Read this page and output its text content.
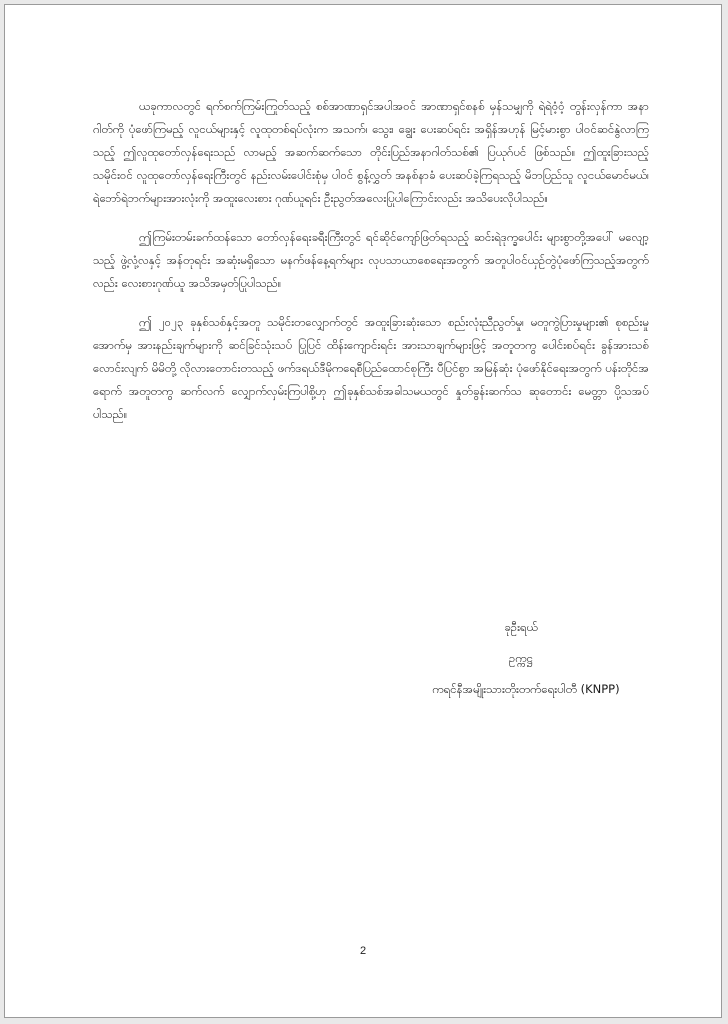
ယခုကာလတွင် ရက်စက်ကြမ်းကြုတ်သည့် စစ်အာဏာရှင်အပါအဝင် အာဏာရှင်စနစ် မှန်သမျှကို ရဲရဲဝံ့ဝံ့ တွန်းလှန်ကာ အနာဂါတ်ကို ပုံဖော်ကြမည့် လူငယ်များနှင့် လူထုတစ်ရပ်လုံးက အသက်၊ သွေး၊ ချွေး ပေးဆပ်ရင်း အရှိန်အဟုန် မြင့်မားစွာ ပါဝင်ဆင်နွဲလာကြသည့် ဤလူထုတော်လှန်ရေးသည် လာမည့် အဆက်ဆက်သော တိုင်းပြည်အနာဂါတ်သစ်၏ ပြယုဂ်ပင် ဖြစ်သည်။ ဤထူးခြားသည့် သမိုင်းဝင် လူထုတော်လှန်ရေးကြီးတွင် နည်းလမ်းပေါင်းစုံမှ ပါဝင် စွန့်လွှတ် အနစ်နာခံ ပေးဆပ်ခဲ့ကြရသည့် မိဘပြည်သူ လူငယ်မောင်မယ်၊ ရဲဘော်ရဲဘက်များအားလုံးကို အထူးလေးစား ဂုဏ်ယူရင်း ဦးညွတ်အလေးပြုပါကြောင်းလည်း အသိပေးလိုပါသည်။

ဤကြမ်းတမ်းခက်ထန်သော တော်လှန်ရေးခရီးကြီးတွင် ရင်ဆိုင်ကျော်ဖြတ်ရသည့် ဆင်းရဲဒုက္ခပေါင်း များစွာတို့အပေါ် မလျော့သည့် ဖွဲ့လုံ့လနှင့် အန်တုရင်း အဆုံးမရှိသော မနက်ဖန်နေ့ရက်များ လုပသာယာစေရေးအတွက် အတူပါဝင်ယှဉ်တွဲပုံဖော်ကြသည့်အတွက်လည်း လေးစားဂုဏ်ယူ အသိအမှတ်ပြုပါသည်။

ဤ ၂၀၂၃ ခုနှစ်သစ်နှင့်အတူ သမိုင်းတလျှောက်တွင် အထူးခြားဆုံးသော စည်းလုံးညီညွတ်မှု၊ မတူကွဲပြားမှုများ၏ စုစည်းမှုအောက်မှ အားနည်းချက်များကို ဆင်ခြင်သုံးသပ် ပြုပြင် ထိန်းကျောင်းရင်း အားသာချက်များဖြင့် အတူတကွ ပေါင်းစပ်ရင်း ခွန်အားသစ်လောင်းလျက် မိမိတို့ လိုလားတောင်းတသည့် ဖက်ဒရယ်ဒီမိုကရေစီပြည်ထောင်စုကြီး ပီပြင်စွာ အမြန်ဆုံး ပုံဖော်နိုင်ရေးအတွက် ပန်းတိုင်အရောက် အတူတကွ ဆက်လက် လျှောက်လှမ်းကြပါစို့ဟု ဤခုနှစ်သစ်အခါသမယတွင် နှုတ်ခွန်းဆက်သ ဆုတောင်း မေတ္တာ ပို့သအပ်ပါသည်။

ခုဦးရယ်
ဥက္ကဋ္ဌ
ကရင်နီအမျိုးသားတိုးတက်ရေးပါတီ (KNPP)
2
